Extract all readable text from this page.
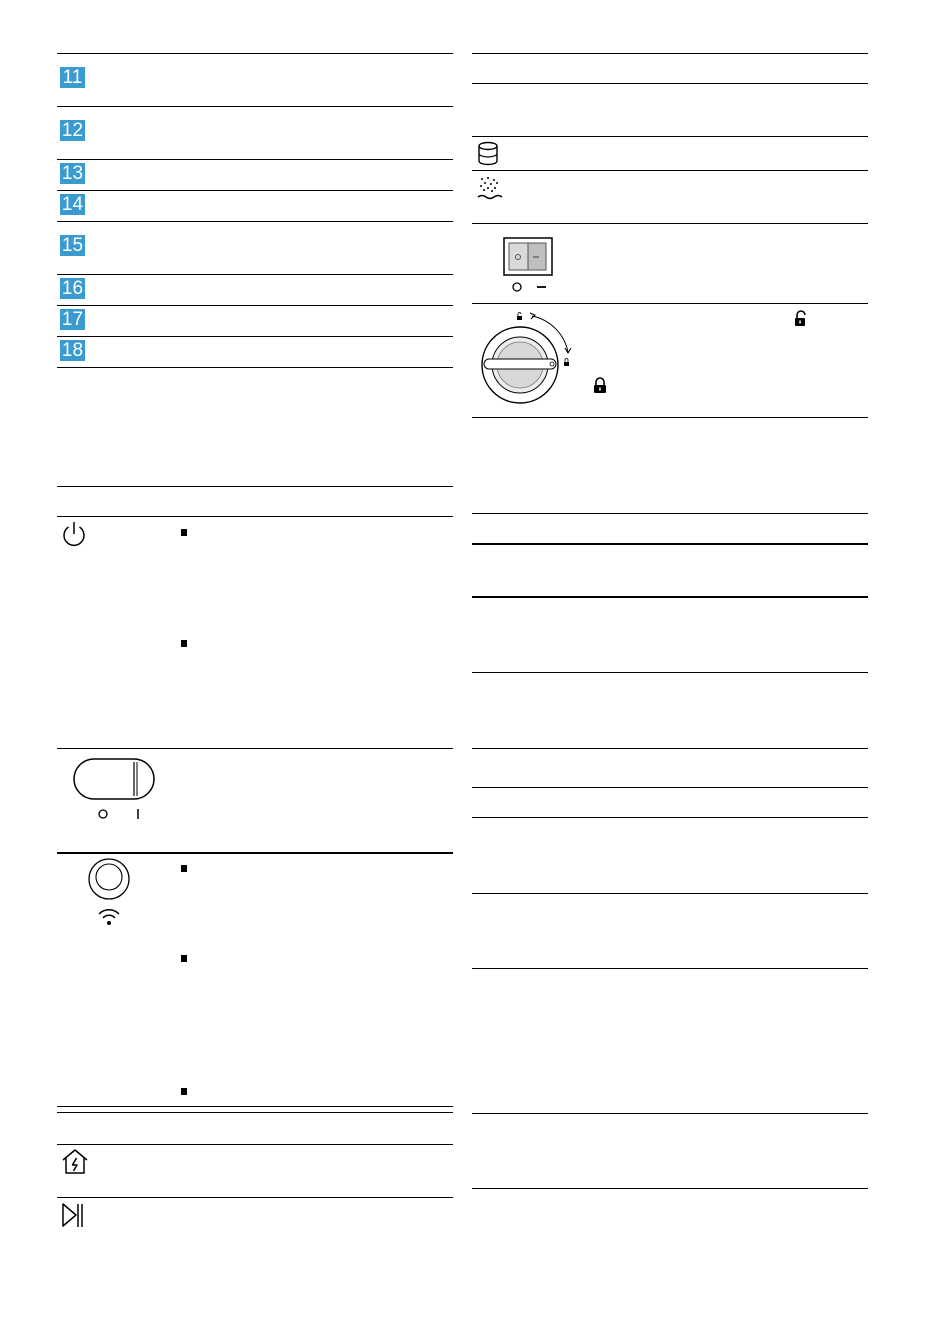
11
12
13
14
15
16
17
18
